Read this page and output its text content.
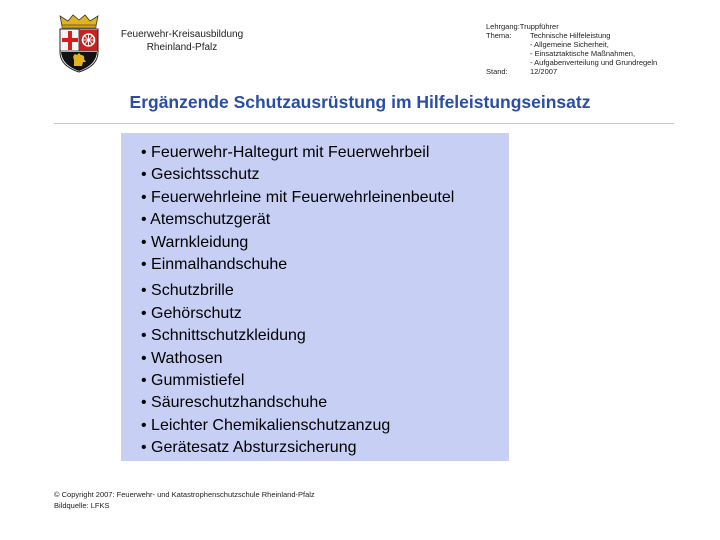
Feuerwehr-Kreisausbildung
Rheinland-Pfalz
Lehrgang: Truppführer
Thema:	Technische Hilfeleistung
- Allgemeine Sicherheit,
- Einsatztaktische Maßnahmen,
- Aufgabenverteilung und Grundregeln
Stand:	12/2007
Ergänzende Schutzausrüstung im Hilfeleistungseinsatz
• Feuerwehr-Haltegurt mit Feuerwehrbeil
• Gesichtsschutz
• Feuerwehrleine mit Feuerwehrleinenbeutel
• Atemschutzgerät
• Warnkleidung
• Einmalhandschuhe
• Schutzbrille
• Gehörschutz
• Schnittschutzkleidung
• Wathosen
• Gummistiefel
• Säureschutzhandschuhe
• Leichter Chemikalienschutzanzug
• Gerätesatz Absturzsicherung
© Copyright 2007: Feuerwehr- und Katastrophenschutzschule Rheinland-Pfalz
Bildquelle: LFKS
